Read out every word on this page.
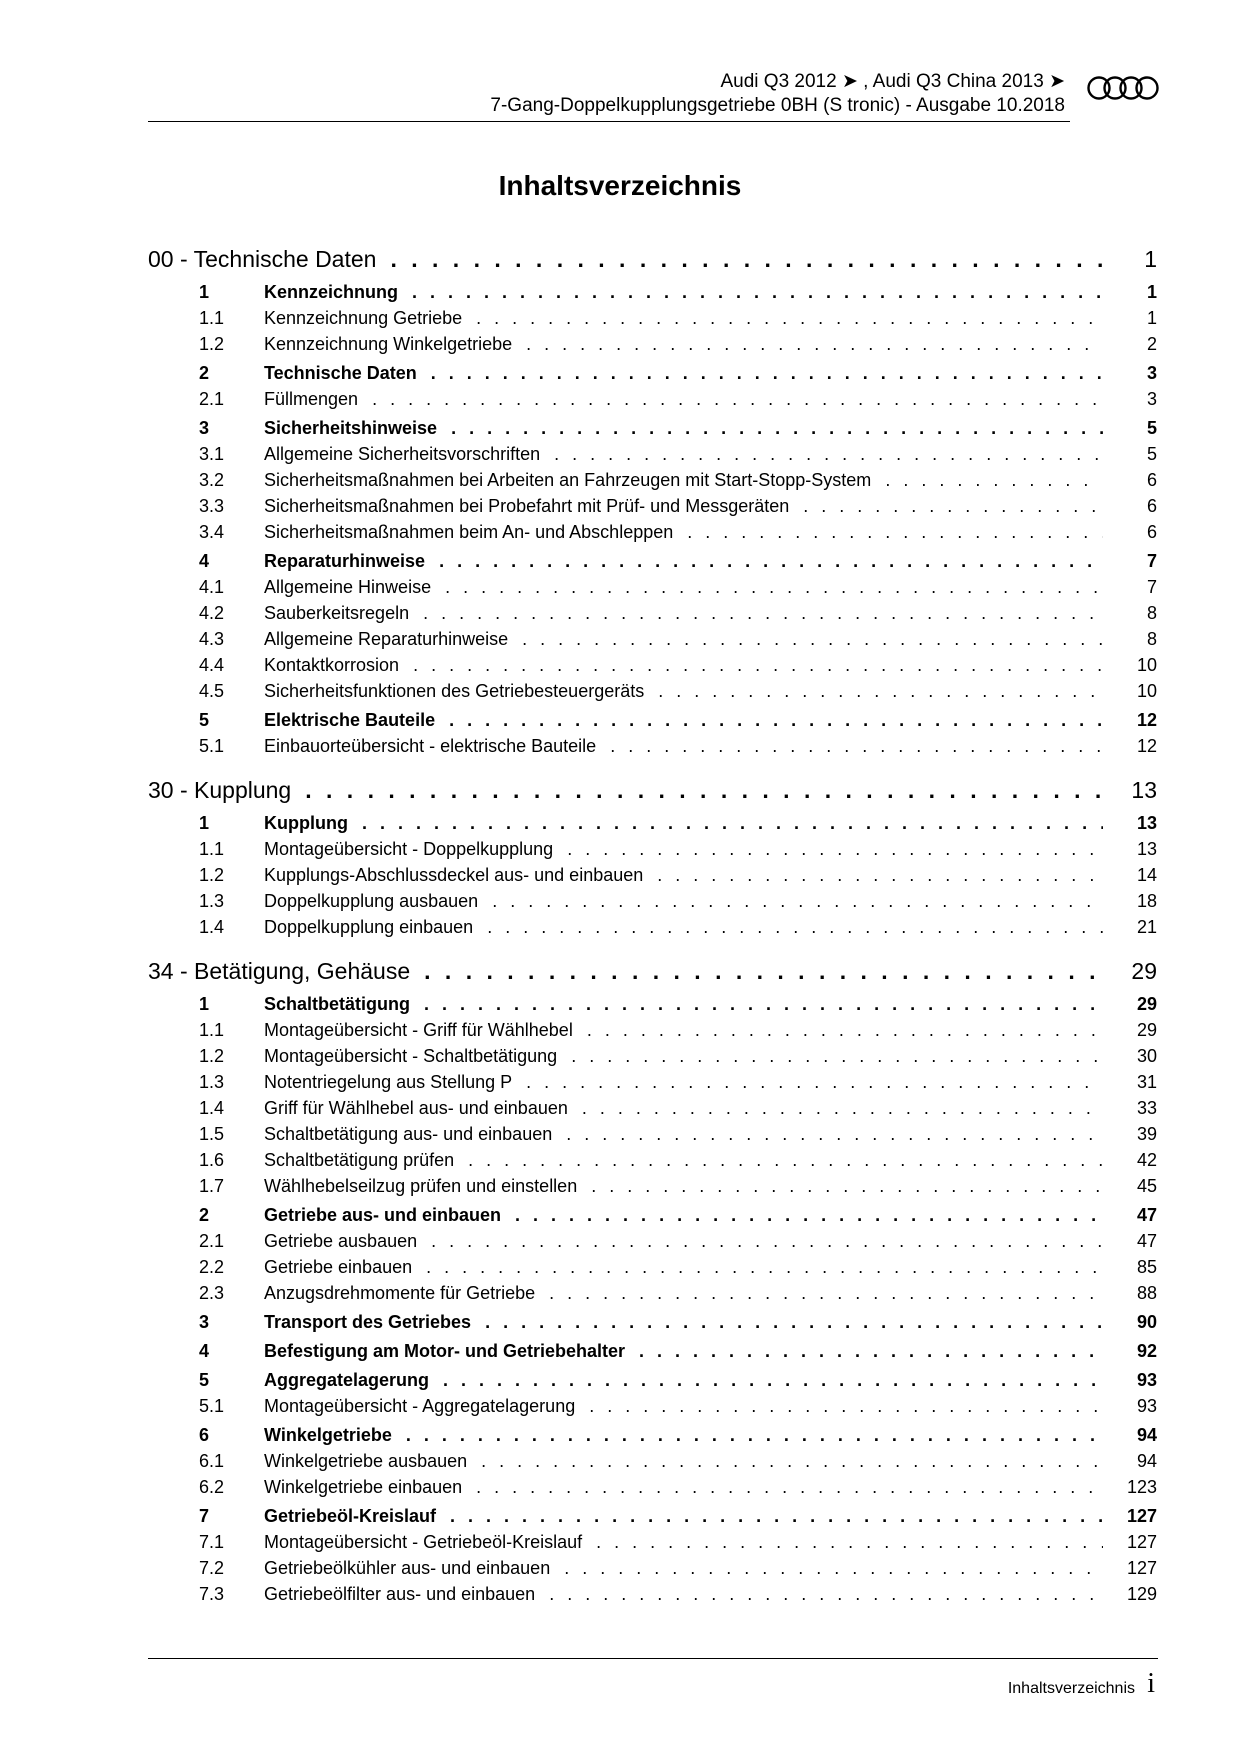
Audi Q3 2012 ➤ , Audi Q3 China 2013 ➤
7-Gang-Doppelkupplungsgetriebe 0BH (S tronic) - Ausgabe 10.2018
Inhaltsverzeichnis
00 - Technische Daten . . .	1
1	Kennzeichnung . . .	1
1.1	Kennzeichnung Getriebe . . .	1
1.2	Kennzeichnung Winkelgetriebe . . .	2
2	Technische Daten . . .	3
2.1	Füllmengen . . .	3
3	Sicherheitshinweise . . .	5
3.1	Allgemeine Sicherheitsvorschriften . . .	5
3.2	Sicherheitsmaßnahmen bei Arbeiten an Fahrzeugen mit Start-Stopp-System . . .	6
3.3	Sicherheitsmaßnahmen bei Probefahrt mit Prüf- und Messgeräten . . .	6
3.4	Sicherheitsmaßnahmen beim An- und Abschleppen . . .	6
4	Reparaturhinweise . . .	7
4.1	Allgemeine Hinweise . . .	7
4.2	Sauberkeitsregeln . . .	8
4.3	Allgemeine Reparaturhinweise . . .	8
4.4	Kontaktkorrosion . . .	10
4.5	Sicherheitsfunktionen des Getriebesteuergeräts . . .	10
5	Elektrische Bauteile . . .	12
5.1	Einbauorteübersicht - elektrische Bauteile . . .	12
30 - Kupplung . . .	13
1	Kupplung . . .	13
1.1	Montageübersicht - Doppelkupplung . . .	13
1.2	Kupplungs-Abschlussdeckel aus- und einbauen . . .	14
1.3	Doppelkupplung ausbauen . . .	18
1.4	Doppelkupplung einbauen . . .	21
34 - Betätigung, Gehäuse . . .	29
1	Schaltbetätigung . . .	29
1.1	Montageübersicht - Griff für Wählhebel . . .	29
1.2	Montageübersicht - Schaltbetätigung . . .	30
1.3	Notentriegelung aus Stellung P . . .	31
1.4	Griff für Wählhebel aus- und einbauen . . .	33
1.5	Schaltbetätigung aus- und einbauen . . .	39
1.6	Schaltbetätigung prüfen . . .	42
1.7	Wählhebelseilzug prüfen und einstellen . . .	45
2	Getriebe aus- und einbauen . . .	47
2.1	Getriebe ausbauen . . .	47
2.2	Getriebe einbauen . . .	85
2.3	Anzugsdrehmomente für Getriebe . . .	88
3	Transport des Getriebes . . .	90
4	Befestigung am Motor- und Getriebehalter . . .	92
5	Aggregatelagerung . . .	93
5.1	Montageübersicht - Aggregatelagerung . . .	93
6	Winkelgetriebe . . .	94
6.1	Winkelgetriebe ausbauen . . .	94
6.2	Winkelgetriebe einbauen . . .	123
7	Getriebeöl-Kreislauf . . .	127
7.1	Montageübersicht - Getriebeöl-Kreislauf . . .	127
7.2	Getriebeölkühler aus- und einbauen . . .	127
7.3	Getriebeölfilter aus- und einbauen . . .	129
Inhaltsverzeichnis i
